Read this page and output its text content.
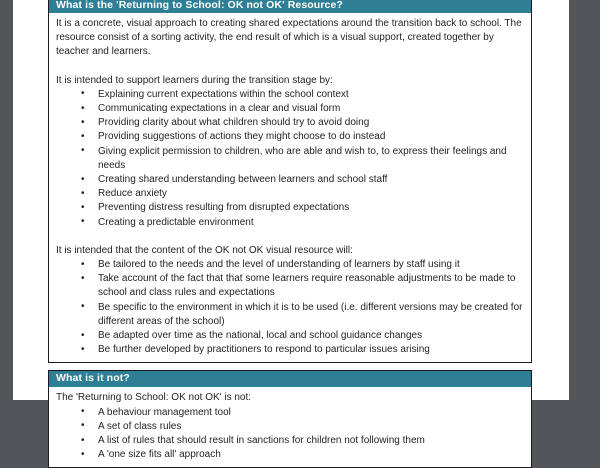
What is the 'Returning to School: OK not OK' Resource?

It is a concrete, visual approach to creating shared expectations around the transition back to school. The resource consist of a sorting activity, the end result of which is a visual support, created together by teacher and learners.

It is intended to support learners during the transition stage by:

• Explaining current expectations within the school context
• Communicating expectations in a clear and visual form
• Providing clarity about what children should try to avoid doing
• Providing suggestions of actions they might choose to do instead
• Giving explicit permission to children, who are able and wish to, to express their feelings and needs
• Creating shared understanding between learners and school staff
• Reduce anxiety
• Preventing distress resulting from disrupted expectations
• Creating a predictable environment

It is intended that the content of the OK not OK visual resource will:

• Be tailored to the needs and the level of understanding of learners by staff using it
• Take account of the fact that that some learners require reasonable adjustments to be made to school and class rules and expectations
• Be specific to the environment in which it is to be used (i.e. different versions may be created for different areas of the school)
• Be adapted over time as the national, local and school guidance changes
• Be further developed by practitioners to respond to particular issues arising
What is it not?

The 'Returning to School: OK not OK' is not:

• A behaviour management tool
• A set of class rules
• A list of rules that should result in sanctions for children not following them
• A 'one size fits all' approach
